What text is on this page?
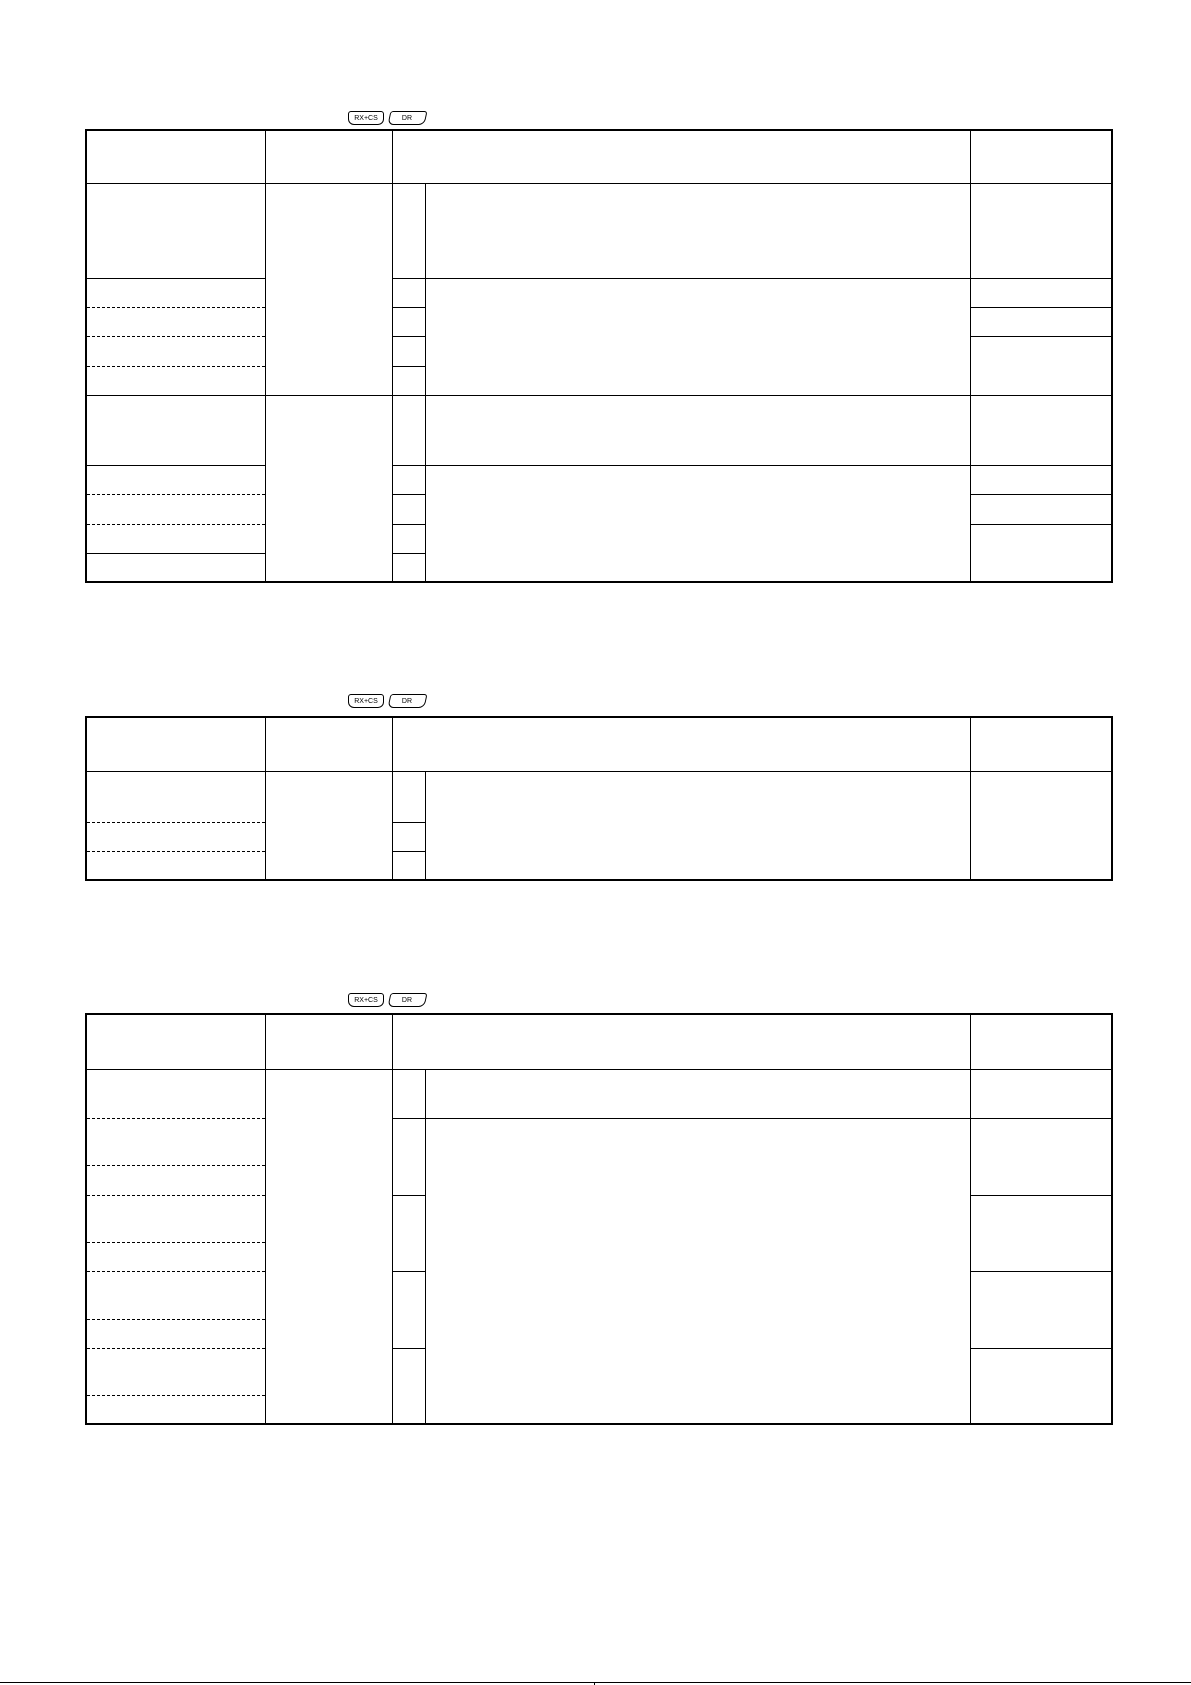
RX+CS	DR
RX+CS	DR
RX+CS	DR
